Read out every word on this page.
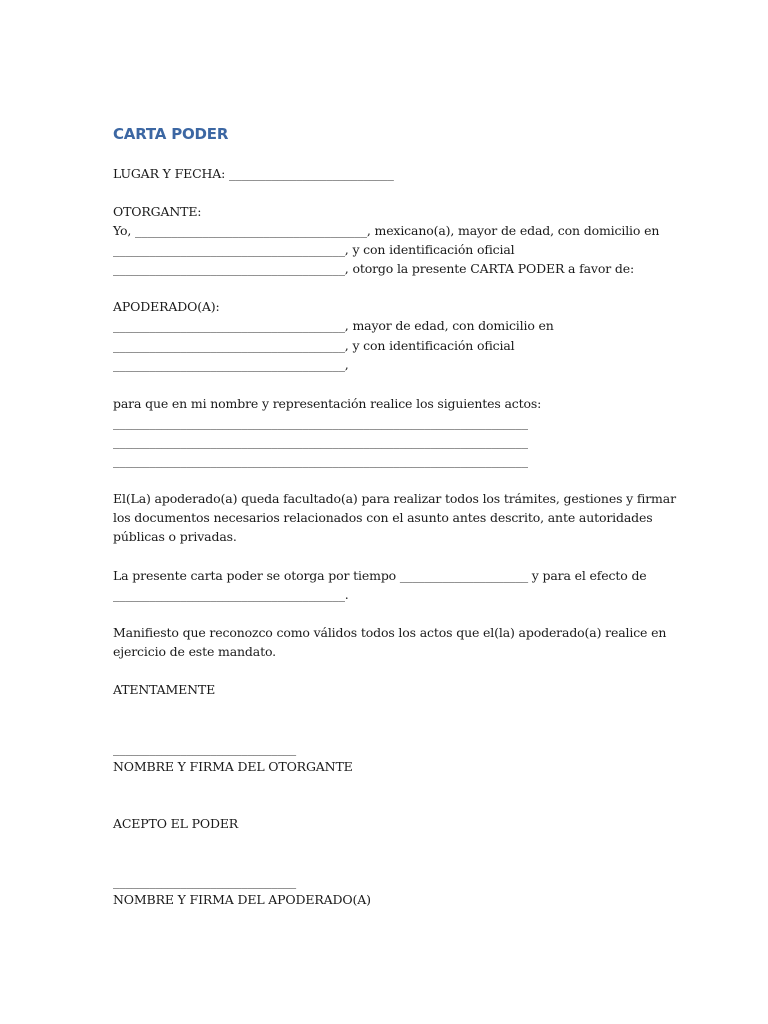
CARTA PODER
LUGAR Y FECHA: ___________________________
OTORGANTE:
Yo, ______________________________________, mexicano(a), mayor de edad, con domicilio en
______________________________________, y con identificación oficial
______________________________________, otorgo la presente CARTA PODER a favor de:
APODERADO(A):
______________________________________, mayor de edad, con domicilio en
______________________________________, y con identificación oficial
______________________________________,
para que en mi nombre y representación realice los siguientes actos:
____________________________________________________________________
____________________________________________________________________
____________________________________________________________________
El(La) apoderado(a) queda facultado(a) para realizar todos los trámites, gestiones y firmar
los documentos necesarios relacionados con el asunto antes descrito, ante autoridades
públicas o privadas.
La presente carta poder se otorga por tiempo _____________________ y para el efecto de
______________________________________.
Manifiesto que reconozco como válidos todos los actos que el(la) apoderado(a) realice en
ejercicio de este mandato.
ATENTAMENTE
______________________________
NOMBRE Y FIRMA DEL OTORGANTE
ACEPTO EL PODER
______________________________
NOMBRE Y FIRMA DEL APODERADO(A)
